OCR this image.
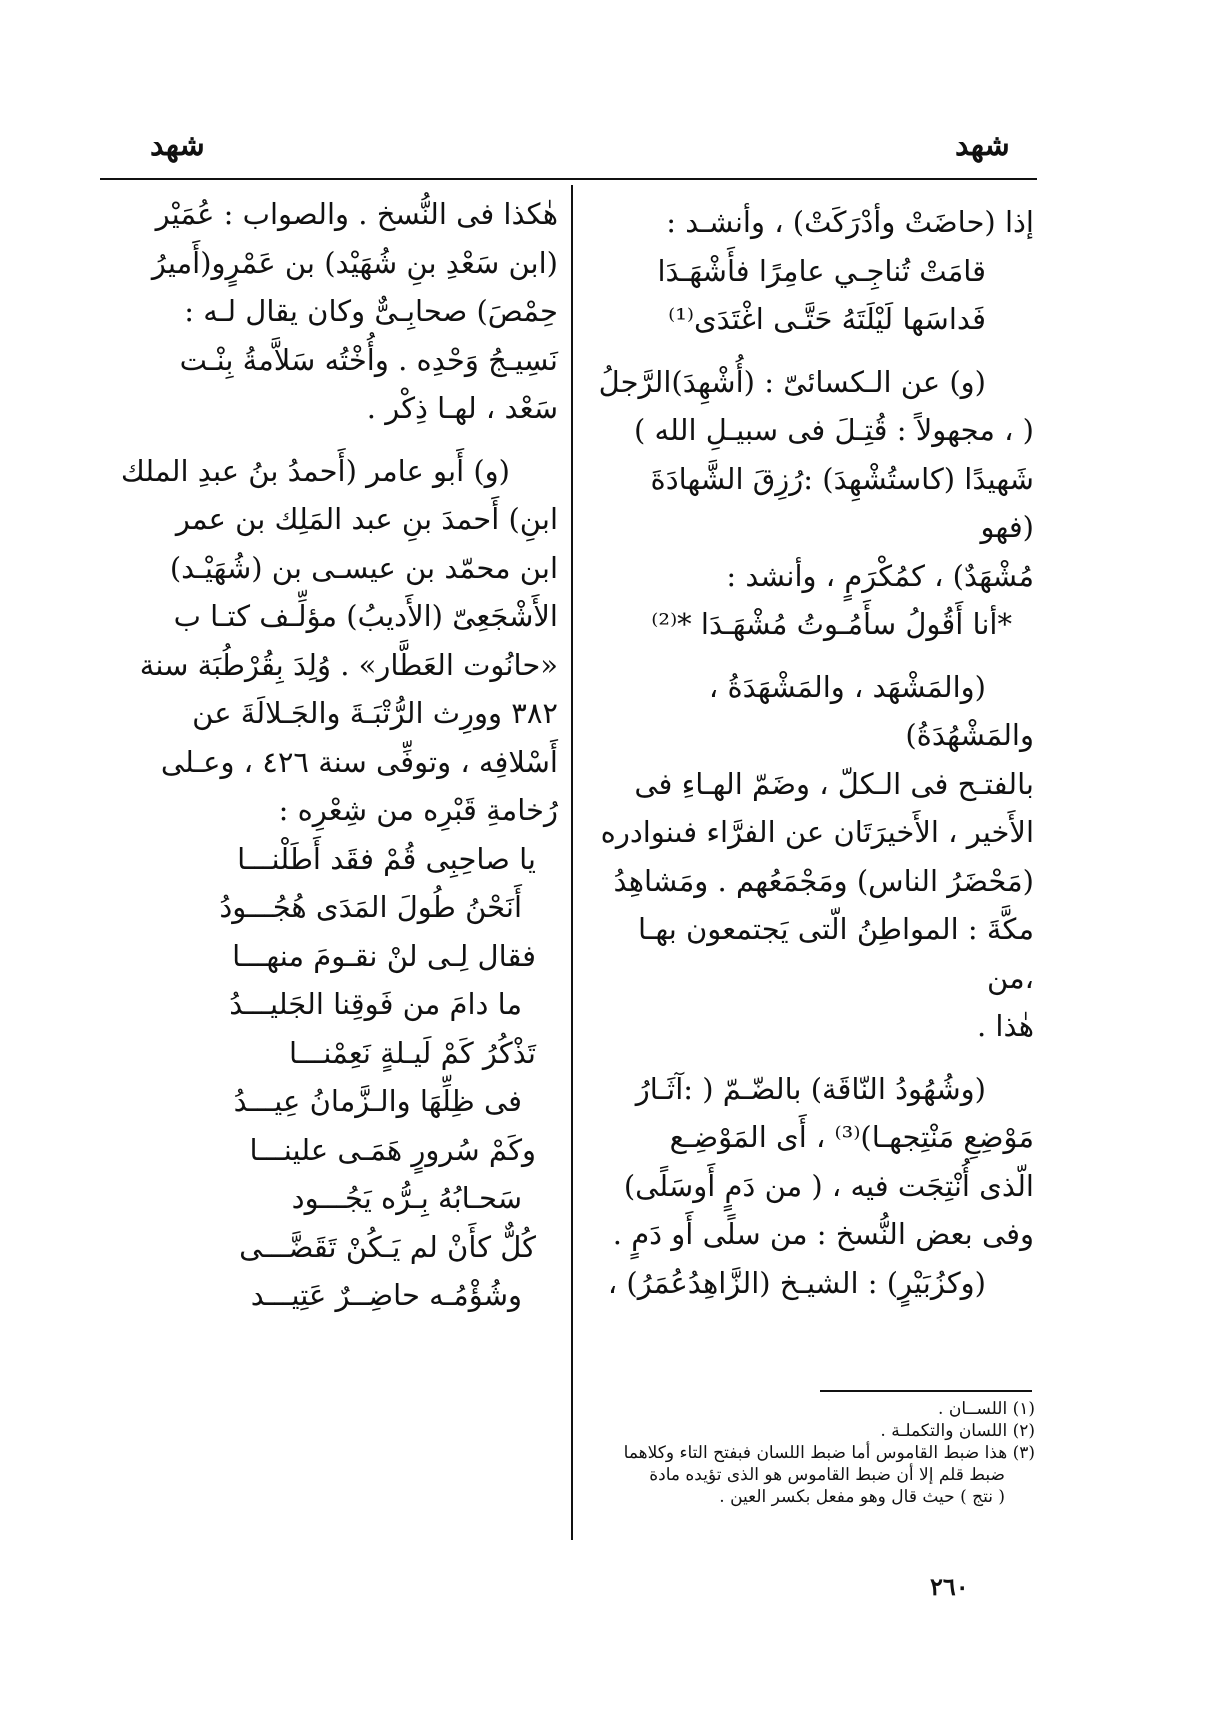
شهد
شهد

إذا (حاضَتْ وأدْرَكَتْ) ، وأنشـد :

قامَتْ تُناجِـي عامِرًا فأَشْهَـدَا

فَداسَها لَيْلَتَهُ حَتَّـى اغْتَدَى⁽¹⁾

(و) عن الـكسائىّ : (أُشْهِدَ)الرَّجلُ

( ، مجهولاً : قُتِـلَ فى سبيـلِ الله )

شَهيدًا (كاستُشْهِدَ) :رُزِقَ الشَّهادَةَ (فهو

مُشْهَدٌ) ، كمُكْرَمٍ ، وأنشد :

*أنا أَقُولُ سأَمُـوتُ مُشْهَـدَا *⁽²⁾

(والمَشْهَد ، والمَشْهَدَةُ ، والمَشْهُدَةُ)

بالفتـح فى الـكلّ ، وضَمّ الهـاءِ فى

الأَخير ، الأَخيرَتَان عن الفرَّاء فىنوادره

(مَحْضَرُ الناس) ومَجْمَعُهم . ومَشاهِدُ

مكَّةَ : المواطِنُ الّتى يَجتمعون بهـا ،من

هٰذا .

(وشُهُودُ النّاقَة) بالضّـمّ ( :آثَـارُ

مَوْضِعِ مَنْتِجهـا)⁽³⁾ ، أَى المَوْضِـع

الّذى أُنْتِجَت فيه ، ( من دَمٍ أَوسَلًى)

وفى بعض النُّسخ : من سلًى أَو دَمٍ .

(وكزُبَيْرٍ) : الشيـخ (الزَّاهِدُعُمَرُ) ،

هٰكذا فى النُّسخ . والصواب : عُمَيْر

(ابن سَعْدِ بنِ شُهَيْد) بن عَمْرٍو(أَميرُ

حِمْصَ) صحابِـىٌّ وكان يقال لـه :

نَسِيـجُ وَحْدِه . وأُخْتُه سَلاَّمةُ بِنْـت

سَعْد ، لهـا ذِكْر .

(و) أَبو عامر (أَحمدُ بنُ عبدِ الملك

ابنِ) أَحمدَ بنِ عبد المَلِك بن عمر

ابن محمّد بن عيسـى بن (شُهَيْـد)

الأَشْجَعِىّ (الأَديبُ) مؤلِّـف كتـا ب

«حانُوت العَطَّار» . وُلِدَ بِقُرْطُبَة سنة

٣٨٢ وورِث الرُّتْبَـةَ والجَـلالَةَ عن

أَسْلافِه ، وتوفِّى سنة ٤٢٦ ، وعـلى

رُخامةِ قَبْرِه من شِعْرِه :

يا صاحِبِى قُمْ فقَد أَطَلْنـــا

أَنَحْنُ طُولَ المَدَى هُجُـــودُ

فقال لِـى لنْ نقـومَ منهـــا

ما دامَ من فَوقِنا الجَليـــدُ

تَذْكُرُ كَمْ لَيـلةٍ نَعِمْنـــا

فى ظِلِّهَا والـزَّمانُ عِيـــدُ

وكَمْ سُرورٍ هَمَـى علينـــا

سَحـابُهُ بِـرُّه يَجُـــود

كُلٌّ كأَنْ لم يَـكُنْ تَقَضَّـــى

وشُؤْمُـه حاضِــرٌ عَتِيـــد

(١) اللســان .

(٢) اللسان والتكملـة .

(٣) هذا ضبط القاموس أما ضبط اللسان فبفتح التاء وكلاهما

ضبط قلم إلا أن ضبط القاموس هو الذى تؤيده مادة

( نتج ) حيث قال وهو مفعل بكسر العين .

٢٦٠
